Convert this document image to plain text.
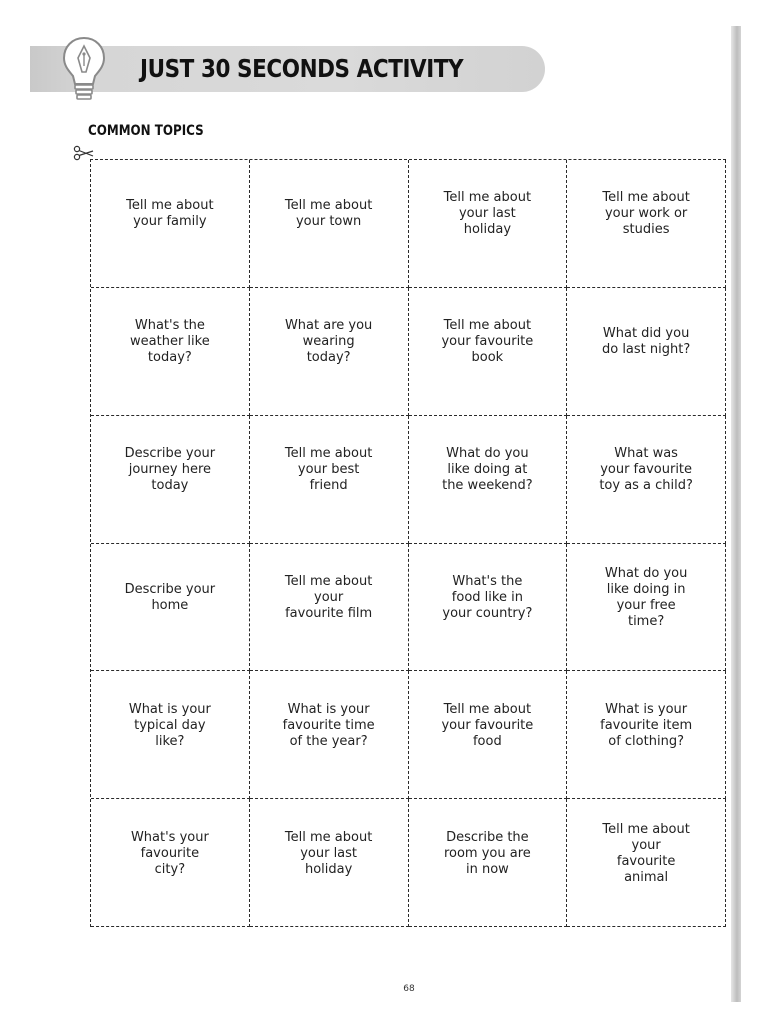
JUST 30 SECONDS ACTIVITY
COMMON TOPICS
Tell me about
your family
Tell me about
your town
Tell me about
your last
holiday
Tell me about
your work or
studies
What's the
weather like
today?
What are you
wearing
today?
Tell me about
your favourite
book
What did you
do last night?
Describe your
journey here
today
Tell me about
your best
friend
What do you
like doing at
the weekend?
What was
your favourite
toy as a child?
Describe your
home
Tell me about
your
favourite film
What's the
food like in
your country?
What do you
like doing in
your free
time?
What is your
typical day
like?
What is your
favourite time
of the year?
Tell me about
your favourite
food
What is your
favourite item
of clothing?
What's your
favourite
city?
Tell me about
your last
holiday
Describe the
room you are
in now
Tell me about
your
favourite
animal
68
